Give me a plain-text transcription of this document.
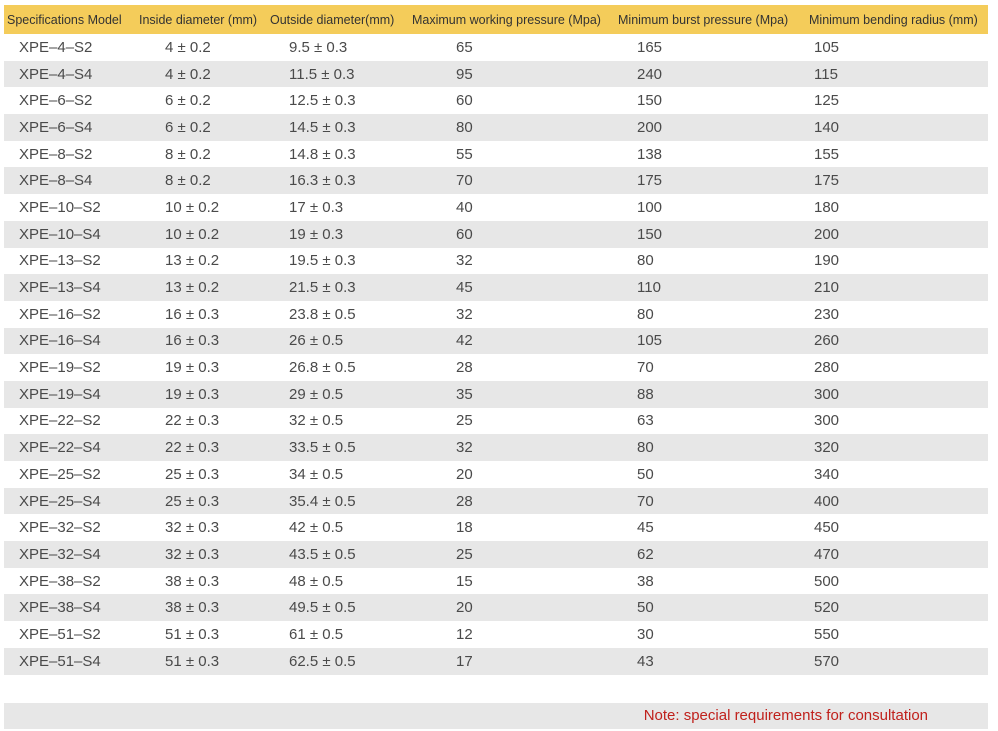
Specifications Model	Inside diameter (mm)	Outside diameter(mm)	Maximum working pressure (Mpa)	Minimum burst pressure (Mpa)	Minimum bending radius (mm)
XPE–4–S2	4 ± 0.2	9.5 ± 0.3	65	165	105
XPE–4–S4	4 ± 0.2	11.5 ± 0.3	95	240	115
XPE–6–S2	6 ± 0.2	12.5 ± 0.3	60	150	125
XPE–6–S4	6 ± 0.2	14.5 ± 0.3	80	200	140
XPE–8–S2	8 ± 0.2	14.8 ± 0.3	55	138	155
XPE–8–S4	8 ± 0.2	16.3 ± 0.3	70	175	175
XPE–10–S2	10 ± 0.2	17 ± 0.3	40	100	180
XPE–10–S4	10 ± 0.2	19 ± 0.3	60	150	200
XPE–13–S2	13 ± 0.2	19.5 ± 0.3	32	80	190
XPE–13–S4	13 ± 0.2	21.5 ± 0.3	45	110	210
XPE–16–S2	16 ± 0.3	23.8 ± 0.5	32	80	230
XPE–16–S4	16 ± 0.3	26 ± 0.5	42	105	260
XPE–19–S2	19 ± 0.3	26.8 ± 0.5	28	70	280
XPE–19–S4	19 ± 0.3	29 ± 0.5	35	88	300
XPE–22–S2	22 ± 0.3	32 ± 0.5	25	63	300
XPE–22–S4	22 ± 0.3	33.5 ± 0.5	32	80	320
XPE–25–S2	25 ± 0.3	34 ± 0.5	20	50	340
XPE–25–S4	25 ± 0.3	35.4 ± 0.5	28	70	400
XPE–32–S2	32 ± 0.3	42 ± 0.5	18	45	450
XPE–32–S4	32 ± 0.3	43.5 ± 0.5	25	62	470
XPE–38–S2	38 ± 0.3	48 ± 0.5	15	38	500
XPE–38–S4	38 ± 0.3	49.5 ± 0.5	20	50	520
XPE–51–S2	51 ± 0.3	61 ± 0.5	12	30	550
XPE–51–S4	51 ± 0.3	62.5 ± 0.5	17	43	570
Note: special requirements for consultation
